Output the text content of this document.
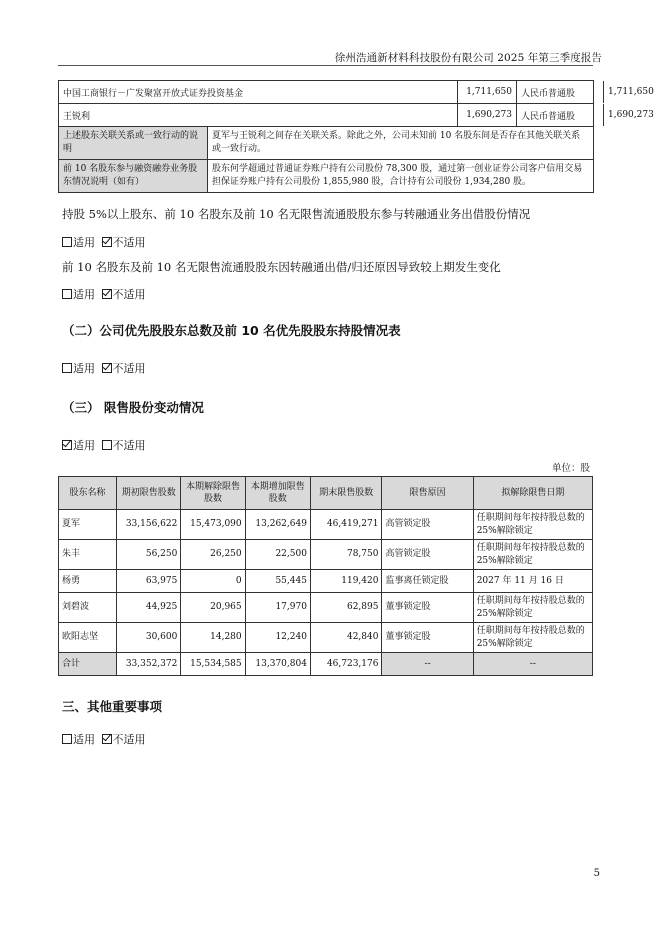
徐州浩通新材料科技股份有限公司 2025 年第三季度报告
中国工商银行－广发聚富开放式证券投资基金		1,711,650	人民币普通股 1,711,650

王锐利		1,690,273	人民币普通股 1,690,273

上述股东关联关系或一致行动的说明	夏军与王锐利之间存在关联关系。除此之外，公司未知前 10 名股东间是否存在其他关联关系或一致行动。		
前 10 名股东参与融资融券业务股东情况说明（如有）	股东何学超通过普通证券账户持有公司股份 78,300 股，通过第一创业证券公司客户信用交易担保证券账户持有公司股份 1,855,980 股，合计持有公司股份 1,934,280 股。		
持股 5%以上股东、前 10 名股东及前 10 名无限售流通股股东参与转融通业务出借股份情况
适用 不适用
前 10 名股东及前 10 名无限售流通股股东因转融通出借/归还原因导致较上期发生变化
适用 不适用
（二）公司优先股股东总数及前 10 名优先股股东持股情况表
适用 不适用
（三） 限售股份变动情况
适用 不适用
单位：股
股东名称	期初限售股数	本期解除限售股数	本期增加限售股数	期末限售股数	限售原因	拟解除限售日期
夏军	33,156,622	15,473,090	13,262,649	46,419,271	高管锁定股	任职期间每年按持股总数的 25%解除锁定
朱丰	56,250	26,250	22,500	78,750	高管锁定股	任职期间每年按持股总数的 25%解除锁定
杨勇	63,975	0	55,445	119,420	监事离任锁定股	2027 年 11 月 16 日
刘碧波	44,925	20,965	17,970	62,895	董事锁定股	任职期间每年按持股总数的 25%解除锁定
欧阳志坚	30,600	14,280	12,240	42,840	董事锁定股	任职期间每年按持股总数的 25%解除锁定
合计	33,352,372	15,534,585	13,370,804	46,723,176	--	--
三、其他重要事项
适用 不适用
5
